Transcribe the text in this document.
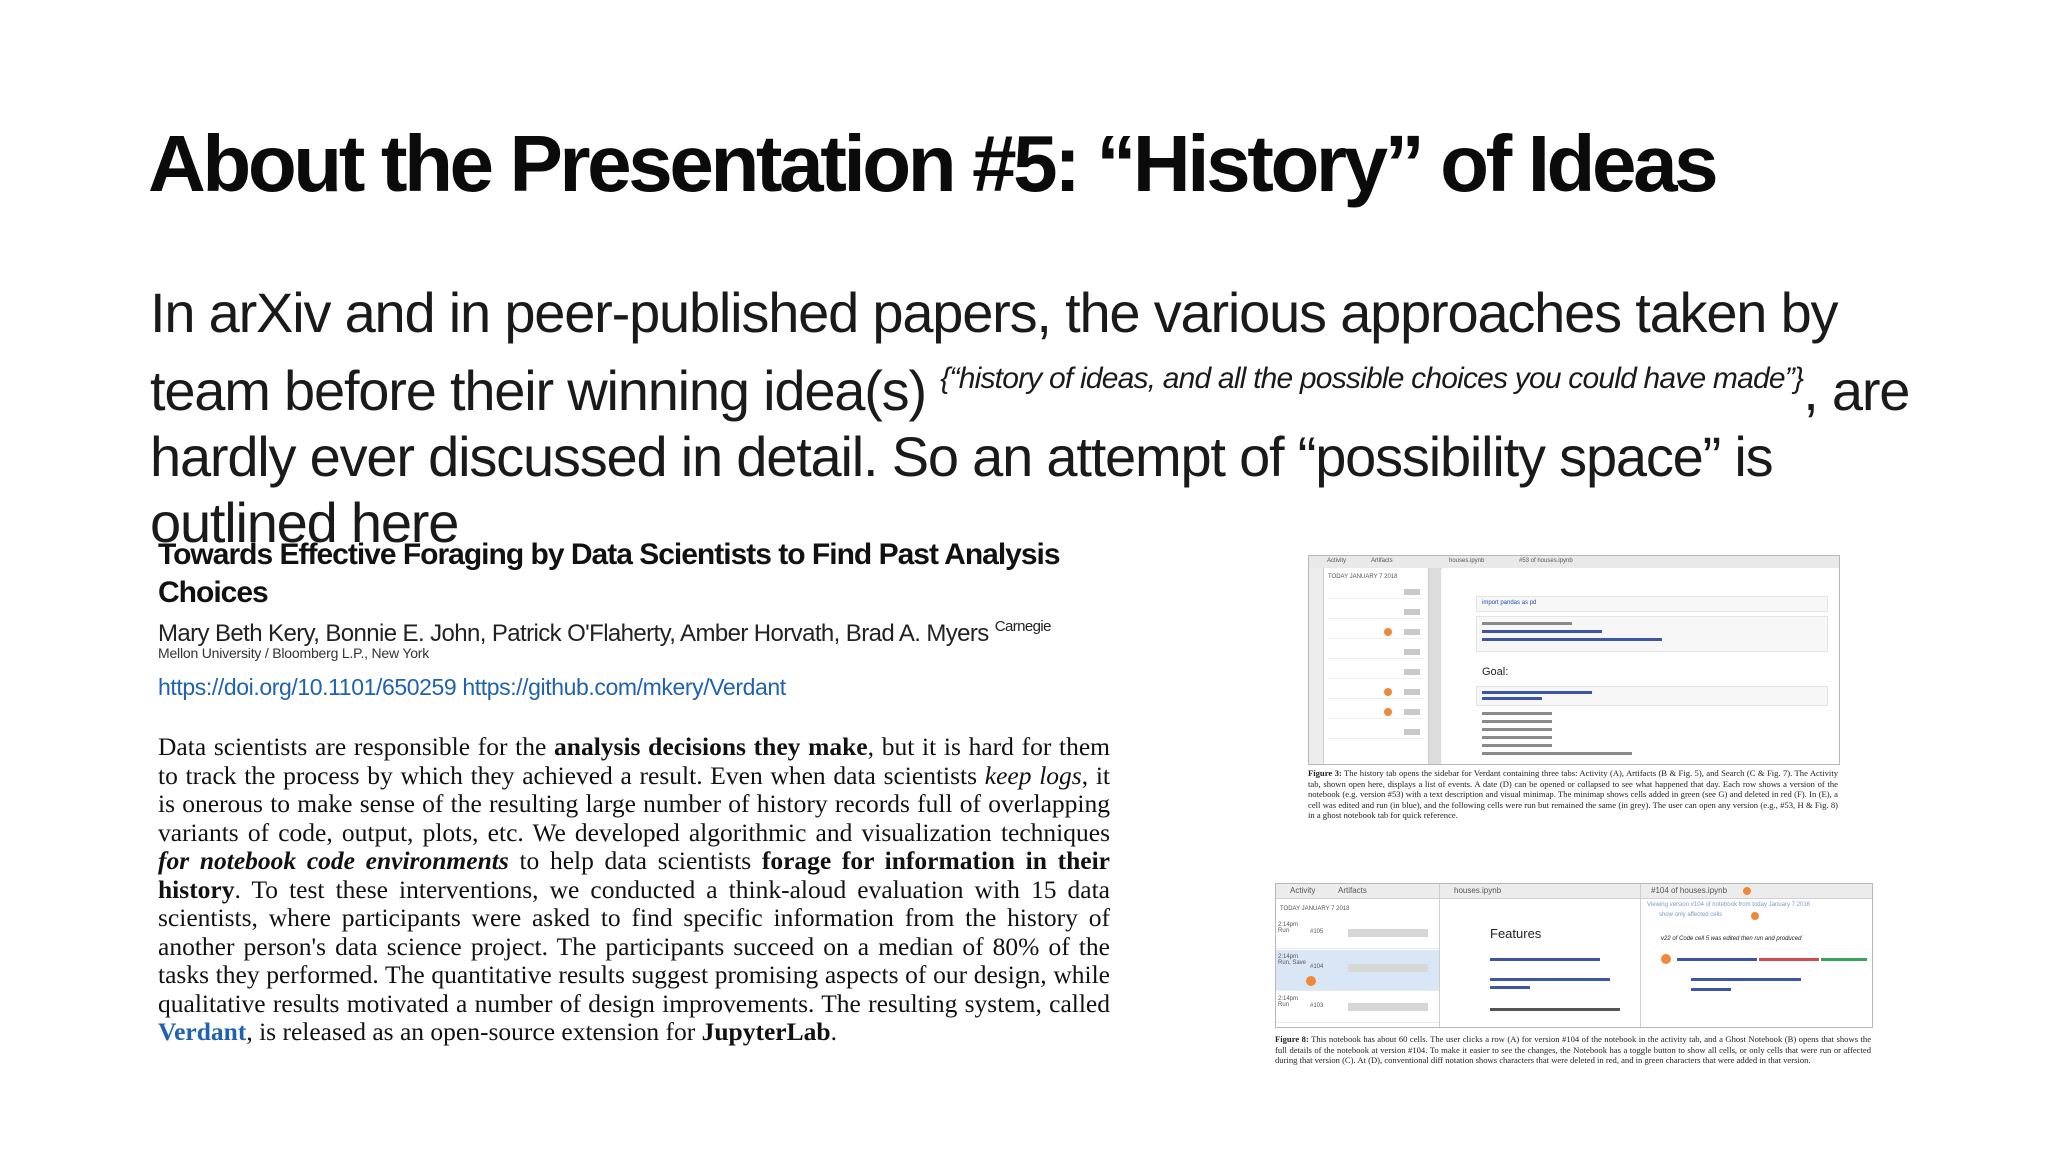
About the Presentation #5: “History” of Ideas

In arXiv and in peer-published papers, the various approaches taken by team before their winning idea(s) $^{\{“history of ideas, and all the possible choices you could have made”\}}$, are hardly ever discussed in detail. So an attempt of “possibility space” is outlined here

Towards Effective Foraging by Data Scientists to Find Past Analysis Choices
Mary Beth Kery, Bonnie E. John, Patrick O'Flaherty, Amber Horvath, Brad A. Myers $^{Carnegie}$
Mellon University / Bloomberg L.P., New York
https://doi.org/10.1101/650259 https://github.com/mkery/Verdant

Data scientists are responsible for the analysis decisions they make, but it is hard for them to track the process by which they achieved a result. Even when data scientists keep logs, it is onerous to make sense of the resulting large number of history records full of overlapping variants of code, output, plots, etc. We developed algorithmic and visualization techniques for notebook code environments to help data scientists forage for information in their history. To test these interventions, we conducted a think-aloud evaluation with 15 data scientists, where participants were asked to find specific information from the history of another person's data science project. The participants succeed on a median of 80% of the tasks they performed. The quantitative results suggest promising aspects of our design, while qualitative results motivated a number of design improvements. The resulting system, called Verdant, is released as an open-source extension for JupyterLab.

Activity	Artifacts	houses.ipynb	#53 of houses.ipynb
TODAY JANUARY 7 2018
import pandas as pd
Goal:
Figure 3: The history tab opens the sidebar for Verdant containing three tabs: Activity (A), Artifacts (B & Fig. 5), and Search (C & Fig. 7). The Activity tab, shown open here, displays a list of events. A date (D) can be opened or collapsed to see what happened that day. Each row shows a version of the notebook (e.g. version #53) with a text description and visual minimap. The minimap shows cells added in green (see G) and deleted in red (F). In (E), a cell was edited and run (in blue), and the following cells were run but remained the same (in grey). The user can open any version (e.g., #53, H & Fig. 8) in a ghost notebook tab for quick reference.
Activity	Artifacts
TODAY JANUARY 7 2018
2:14pm Run	#105
2:14pm Run, Save
#104
2:14pm Run	#103
houses.ipynb
Features
#104 of houses.ipynb
Viewing version #104 of notebook from today January 7 2018
show only affected cells
v22 of Code cell 5 was edited then run and produced
Figure 8: This notebook has about 60 cells. The user clicks a row (A) for version #104 of the notebook in the activity tab, and a Ghost Notebook (B) opens that shows the full details of the notebook at version #104. To make it easier to see the changes, the Notebook has a toggle button to show all cells, or only cells that were run or affected during that version (C). At (D), conventional diff notation shows characters that were deleted in red, and in green characters that were added in that version.
